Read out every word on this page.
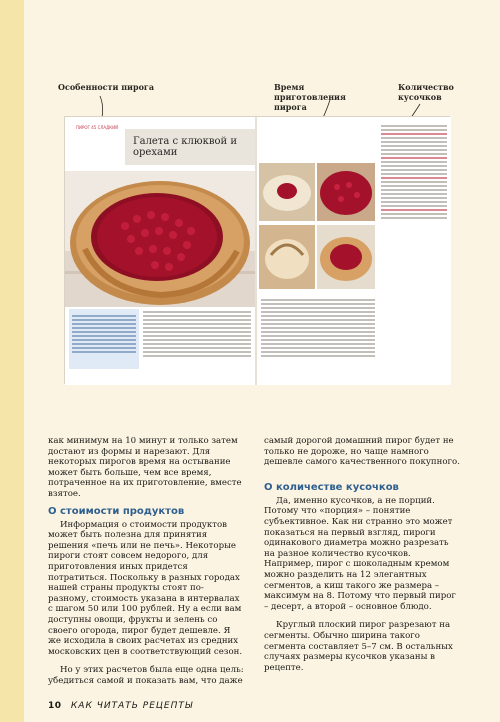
Особенности пирога	Время приготовления пирога
Количество кусочков
ПИРОГ 45 СЛАДКИЙ
Галета с клюквой и орехами

как минимум на 10 минут и только затем достают из формы и нарезают. Для некоторых пирогов время на остывание может быть больше, чем все время, потраченное на их приготовление, вместе взятое.

О стоимости продуктов

Информация о стоимости продуктов может быть полезна для принятия решения «печь или не печь». Некоторые пироги стоят совсем недорого, для приготовления иных придется потратиться. Поскольку в разных городах нашей страны продукты стоят по-разному, стоимость указана в интервалах с шагом 50 или 100 рублей. Ну а если вам доступны овощи, фрукты и зелень со своего огорода, пирог будет дешевле. Я же исходила в своих расчетах из средних московских цен в соответствующий сезон.

Но у этих расчетов была еще одна цель: убедиться самой и показать вам, что даже

самый дорогой домашний пирог будет не только не дороже, но чаще намного дешевле самого качественного покупного.

О количестве кусочков

Да, именно кусочков, а не порций. Потому что «порция» – понятие субъективное. Как ни странно это может показаться на первый взгляд, пироги одинакового диаметра можно разрезать на разное количество кусочков. Например, пирог с шоколадным кремом можно разделить на 12 элегантных сегментов, а киш такого же размера – максимум на 8. Потому что первый пирог – десерт, а второй – основное блюдо.

Круглый плоский пирог разрезают на сегменты. Обычно ширина такого сегмента составляет 5–7 см. В остальных случаях размеры кусочков указаны в рецепте.

10 КАК ЧИТАТЬ РЕЦЕПТЫ
